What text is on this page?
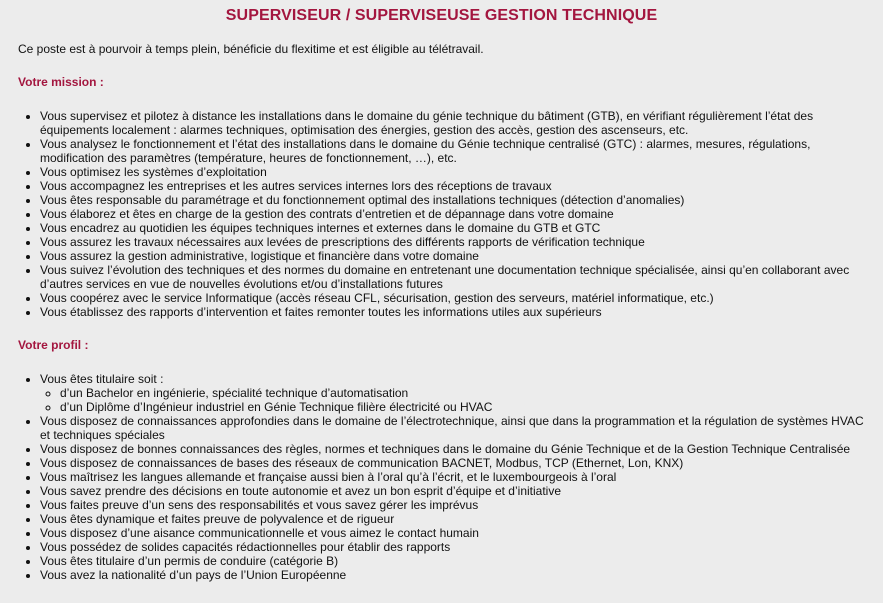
SUPERVISEUR / SUPERVISEUSE GESTION TECHNIQUE

Ce poste est à pourvoir à temps plein, bénéficie du flexitime et est éligible au télétravail.

Votre mission :
• Vous supervisez et pilotez à distance les installations dans le domaine du génie technique du bâtiment (GTB), en vérifiant régulièrement l’état des équipements localement : alarmes techniques, optimisation des énergies, gestion des accès, gestion des ascenseurs, etc.
• Vous analysez le fonctionnement et l’état des installations dans le domaine du Génie technique centralisé (GTC) : alarmes, mesures, régulations, modification des paramètres (température, heures de fonctionnement, …), etc.
• Vous optimisez les systèmes d’exploitation
• Vous accompagnez les entreprises et les autres services internes lors des réceptions de travaux
• Vous êtes responsable du paramétrage et du fonctionnement optimal des installations techniques (détection d’anomalies)
• Vous élaborez et êtes en charge de la gestion des contrats d’entretien et de dépannage dans votre domaine
• Vous encadrez au quotidien les équipes techniques internes et externes dans le domaine du GTB et GTC
• Vous assurez les travaux nécessaires aux levées de prescriptions des différents rapports de vérification technique
• Vous assurez la gestion administrative, logistique et financière dans votre domaine
• Vous suivez l’évolution des techniques et des normes du domaine en entretenant une documentation technique spécialisée, ainsi qu’en collaborant avec d’autres services en vue de nouvelles évolutions et/ou d’installations futures
• Vous coopérez avec le service Informatique (accès réseau CFL, sécurisation, gestion des serveurs, matériel informatique, etc.)
• Vous établissez des rapports d’intervention et faites remonter toutes les informations utiles aux supérieurs
Votre profil :
• Vous êtes titulaire soit :
◦ d’un Bachelor en ingénierie, spécialité technique d’automatisation
◦ d’un Diplôme d’Ingénieur industriel en Génie Technique filière électricité ou HVAC
• Vous disposez de connaissances approfondies dans le domaine de l’électrotechnique, ainsi que dans la programmation et la régulation de systèmes HVAC et techniques spéciales
• Vous disposez de bonnes connaissances des règles, normes et techniques dans le domaine du Génie Technique et de la Gestion Technique Centralisée
• Vous disposez de connaissances de bases des réseaux de communication BACNET, Modbus, TCP (Ethernet, Lon, KNX)
• Vous maîtrisez les langues allemande et française aussi bien à l’oral qu’à l’écrit, et le luxembourgeois à l’oral
• Vous savez prendre des décisions en toute autonomie et avez un bon esprit d’équipe et d’initiative
• Vous faites preuve d’un sens des responsabilités et vous savez gérer les imprévus
• Vous êtes dynamique et faites preuve de polyvalence et de rigueur
• Vous disposez d’une aisance communicationnelle et vous aimez le contact humain
• Vous possédez de solides capacités rédactionnelles pour établir des rapports
• Vous êtes titulaire d’un permis de conduire (catégorie B)
• Vous avez la nationalité d’un pays de l’Union Européenne
